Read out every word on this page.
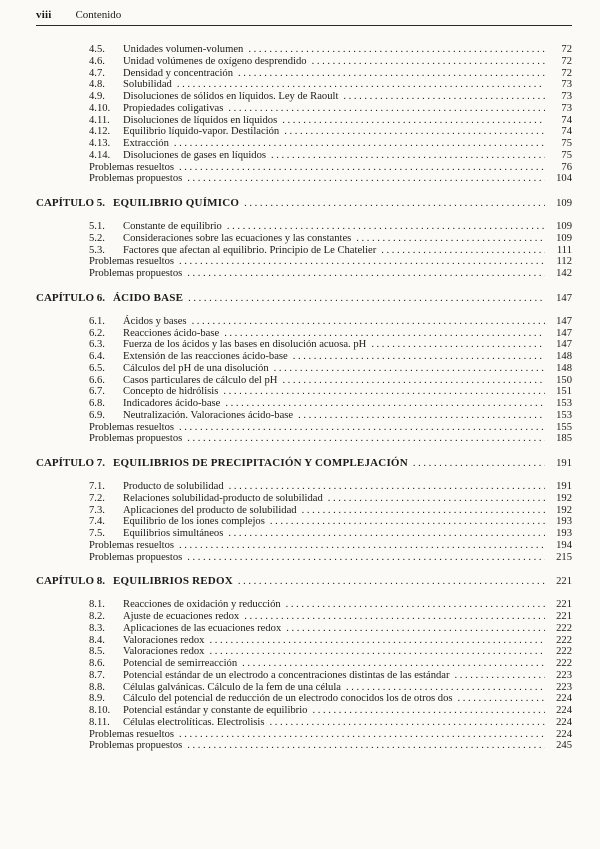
viii Contenido
4.5.	Unidades volumen-volumen .....	72
4.6.	Unidad volúmenes de oxígeno desprendido .....	72
4.7.	Densidad y concentración .....	72
4.8.	Solubilidad .....	73
4.9.	Disoluciones de sólidos en líquidos. Ley de Raoult .....	73
4.10.	Propiedades coligativas .....	73
4.11.	Disoluciones de líquidos en líquidos .....	74
4.12.	Equilibrio líquido-vapor. Destilación .....	74
4.13.	Extracción .....	75
4.14.	Disoluciones de gases en líquidos .....	75
Problemas resueltos .....	76
Problemas propuestos .....	104
CAPÍTULO 5. EQUILIBRIO QUÍMICO .....	109
5.1.	Constante de equilibrio .....	109
5.2.	Consideraciones sobre las ecuaciones y las constantes .....	109
5.3.	Factores que afectan al equilibrio. Principio de Le Chatelier .....	111
Problemas resueltos .....	112
Problemas propuestos .....	142
CAPÍTULO 6. ÁCIDO BASE .....	147
6.1.	Ácidos y bases .....	147
6.2.	Reacciones ácido-base .....	147
6.3.	Fuerza de los ácidos y las bases en disolución acuosa. pH .....	147
6.4.	Extensión de las reacciones ácido-base .....	148
6.5.	Cálculos del pH de una disolución .....	148
6.6.	Casos particulares de cálculo del pH .....	150
6.7.	Concepto de hidrólisis .....	151
6.8.	Indicadores ácido-base .....	153
6.9.	Neutralización. Valoraciones ácido-base .....	153
Problemas resueltos .....	155
Problemas propuestos .....	185
CAPÍTULO 7. EQUILIBRIOS DE PRECIPITACIÓN Y COMPLEJACIÓN .....	191
7.1.	Producto de solubilidad .....	191
7.2.	Relaciones solubilidad-producto de solubilidad .....	192
7.3.	Aplicaciones del producto de solubilidad .....	192
7.4.	Equilibrio de los iones complejos .....	193
7.5.	Equilibrios simultáneos .....	193
Problemas resueltos .....	194
Problemas propuestos .....	215
CAPÍTULO 8. EQUILIBRIOS REDOX .....	221
8.1.	Reacciones de oxidación y reducción .....	221
8.2.	Ajuste de ecuaciones redox .....	221
8.3.	Aplicaciones de las ecuaciones redox .....	222
8.4.	Valoraciones redox .....	222
8.5.	Valoraciones redox .....	222
8.6.	Potencial de semirreacción .....	222
8.7.	Potencial estándar de un electrodo a concentraciones distintas de las estándar .....	223
8.8.	Células galvánicas. Cálculo de la fem de una célula .....	223
8.9.	Cálculo del potencial de reducción de un electrodo conocidos los de otros dos .....	224
8.10.	Potencial estándar y constante de equilibrio .....	224
8.11.	Células electrolíticas. Electrolisis .....	224
Problemas resueltos .....	224
Problemas propuestos .....	245
